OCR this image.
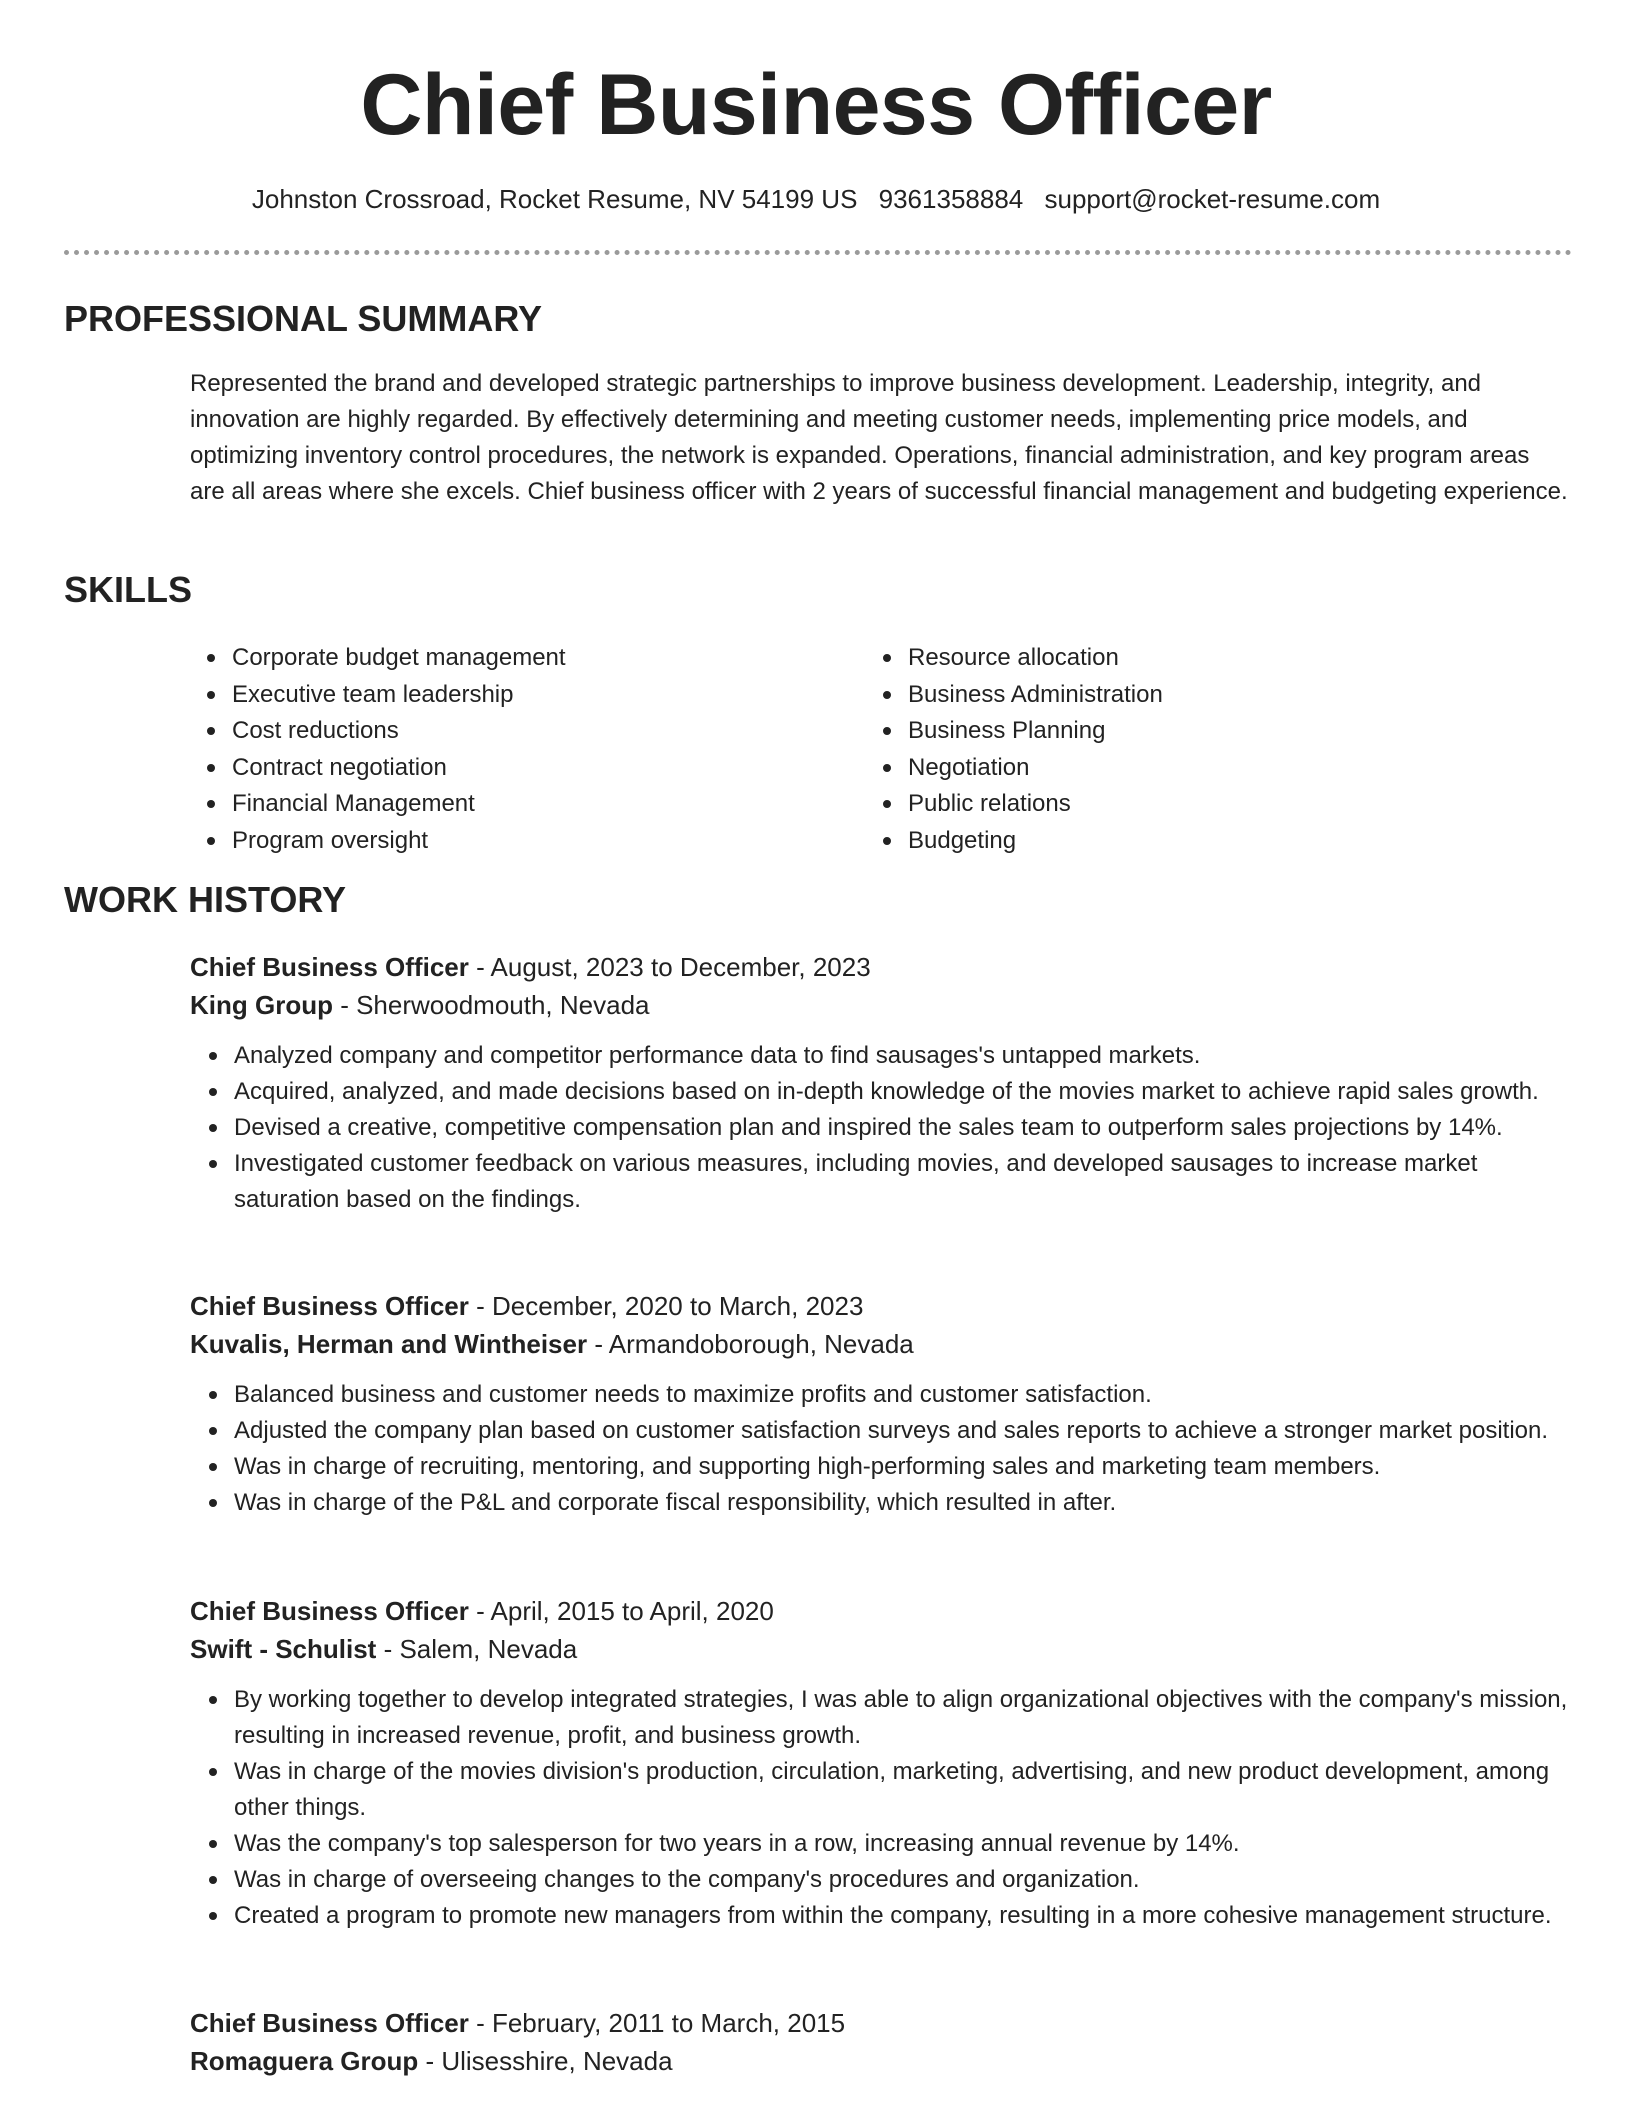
Chief Business Officer
Johnston Crossroad, Rocket Resume, NV 54199 US 9361358884 support@rocket-resume.com
PROFESSIONAL SUMMARY

Represented the brand and developed strategic partnerships to improve business development. Leadership, integrity, and innovation are highly regarded. By effectively determining and meeting customer needs, implementing price models, and optimizing inventory control procedures, the network is expanded. Operations, financial administration, and key program areas are all areas where she excels. Chief business officer with 2 years of successful financial management and budgeting experience.

SKILLS
Corporate budget management
Executive team leadership
Cost reductions
Contract negotiation
Financial Management
Program oversight
Resource allocation
Business Administration
Business Planning
Negotiation
Public relations
Budgeting
WORK HISTORY
Chief Business Officer - August, 2023 to December, 2023
King Group - Sherwoodmouth, Nevada
Analyzed company and competitor performance data to find sausages's untapped markets.
Acquired, analyzed, and made decisions based on in-depth knowledge of the movies market to achieve rapid sales growth.
Devised a creative, competitive compensation plan and inspired the sales team to outperform sales projections by 14%.
Investigated customer feedback on various measures, including movies, and developed sausages to increase market saturation based on the findings.
Chief Business Officer - December, 2020 to March, 2023
Kuvalis, Herman and Wintheiser - Armandoborough, Nevada
Balanced business and customer needs to maximize profits and customer satisfaction.
Adjusted the company plan based on customer satisfaction surveys and sales reports to achieve a stronger market position.
Was in charge of recruiting, mentoring, and supporting high-performing sales and marketing team members.
Was in charge of the P&L and corporate fiscal responsibility, which resulted in after.
Chief Business Officer - April, 2015 to April, 2020
Swift - Schulist - Salem, Nevada
By working together to develop integrated strategies, I was able to align organizational objectives with the company's mission, resulting in increased revenue, profit, and business growth.
Was in charge of the movies division's production, circulation, marketing, advertising, and new product development, among other things.
Was the company's top salesperson for two years in a row, increasing annual revenue by 14%.
Was in charge of overseeing changes to the company's procedures and organization.
Created a program to promote new managers from within the company, resulting in a more cohesive management structure.
Chief Business Officer - February, 2011 to March, 2015
Romaguera Group - Ulisesshire, Nevada
